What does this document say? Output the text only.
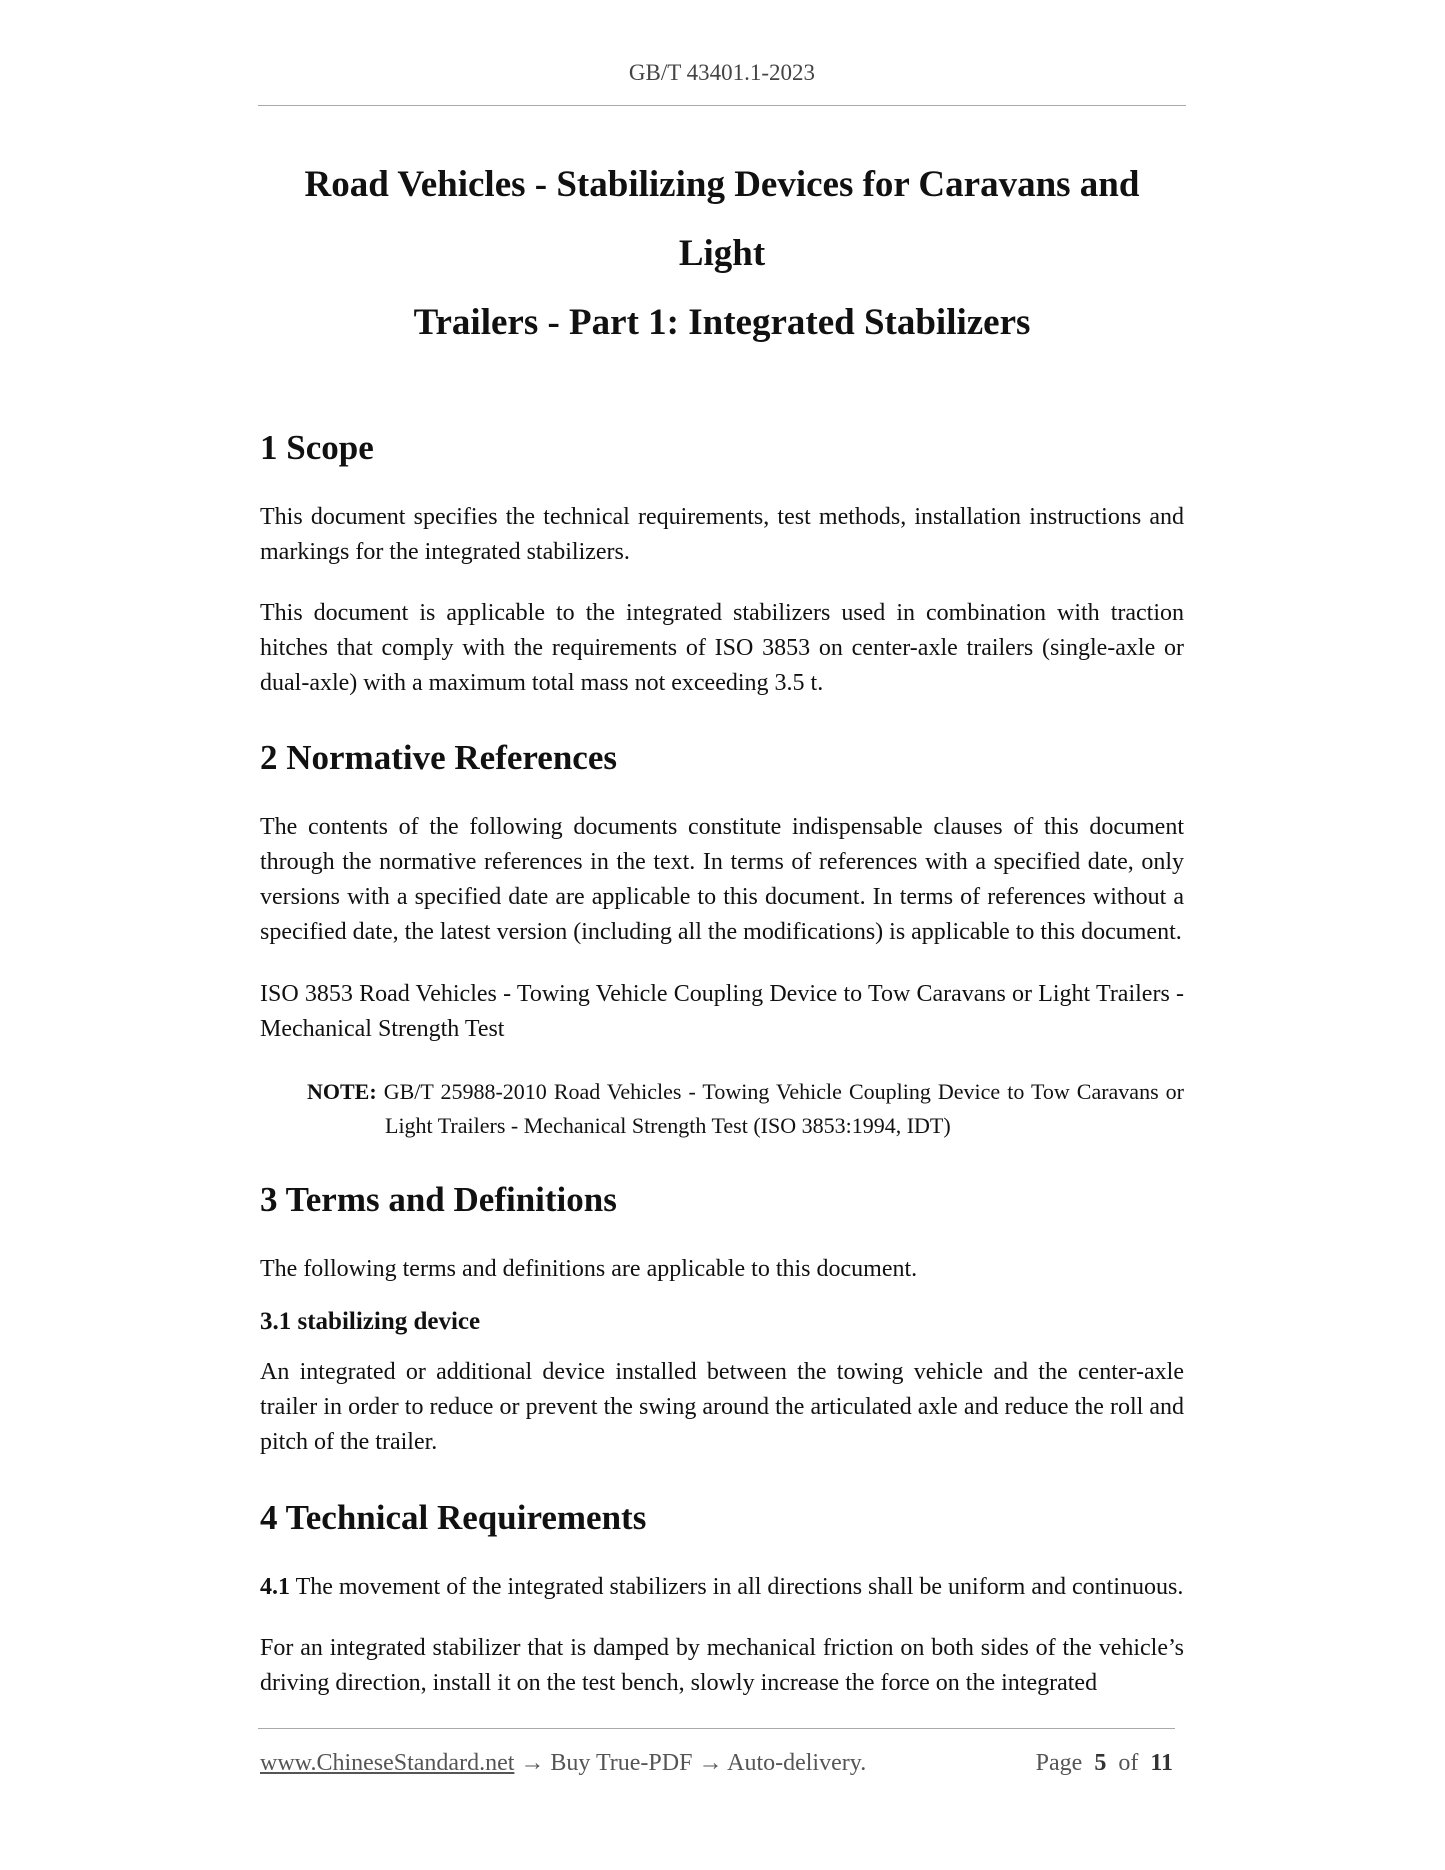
GB/T 43401.1-2023
Road Vehicles - Stabilizing Devices for Caravans and Light
Trailers - Part 1: Integrated Stabilizers
1 Scope

This document specifies the technical requirements, test methods, installation instructions and markings for the integrated stabilizers.

This document is applicable to the integrated stabilizers used in combination with traction hitches that comply with the requirements of ISO 3853 on center-axle trailers (single-axle or dual-axle) with a maximum total mass not exceeding 3.5 t.

2 Normative References

The contents of the following documents constitute indispensable clauses of this document through the normative references in the text. In terms of references with a specified date, only versions with a specified date are applicable to this document. In terms of references without a specified date, the latest version (including all the modifications) is applicable to this document.

ISO 3853 Road Vehicles - Towing Vehicle Coupling Device to Tow Caravans or Light Trailers - Mechanical Strength Test

NOTE: GB/T 25988-2010 Road Vehicles - Towing Vehicle Coupling Device to Tow Caravans or Light Trailers - Mechanical Strength Test (ISO 3853:1994, IDT)

3 Terms and Definitions

The following terms and definitions are applicable to this document.

3.1 stabilizing device

An integrated or additional device installed between the towing vehicle and the center-axle trailer in order to reduce or prevent the swing around the articulated axle and reduce the roll and pitch of the trailer.

4 Technical Requirements

4.1 The movement of the integrated stabilizers in all directions shall be uniform and continuous.

For an integrated stabilizer that is damped by mechanical friction on both sides of the vehicle’s driving direction, install it on the test bench, slowly increase the force on the integrated

www.ChineseStandard.net → Buy True-PDF → Auto-delivery.	Page 5 of 11
